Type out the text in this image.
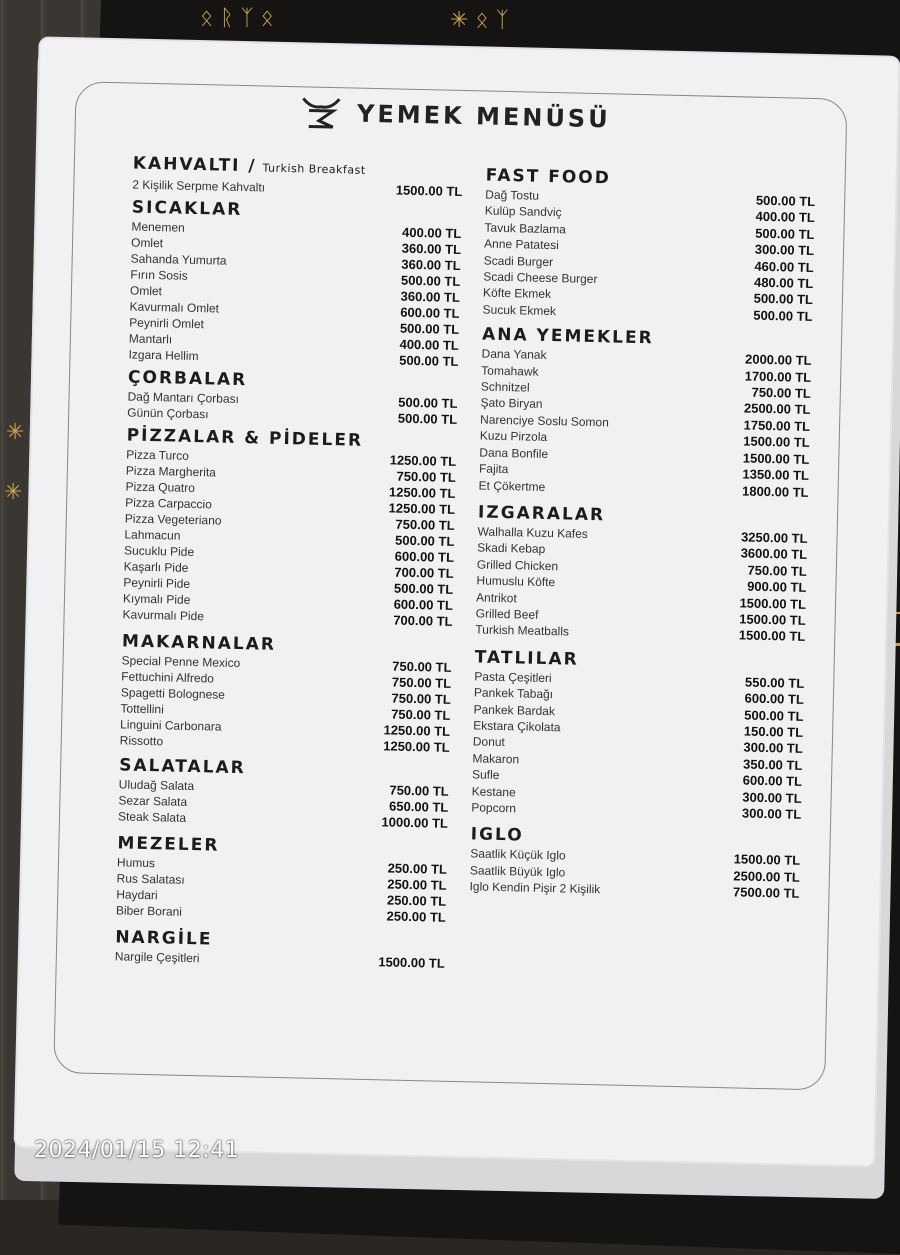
ᛟ ᚱ ᛉ ᛟ	✳ ᛟ ᛉ
✳
✳
YEMEK MENÜSÜ
KAHVALTI / Turkish Breakfast
2 Kişilik Serpme Kahvaltı	1500.00 TL
SICAKLAR
Menemen	400.00 TL
Omlet	360.00 TL
Sahanda Yumurta	360.00 TL
Fırın Sosis	500.00 TL
Omlet	360.00 TL
Kavurmalı Omlet	600.00 TL
Peynirli Omlet	500.00 TL
Mantarlı	400.00 TL
Izgara Hellim	500.00 TL
ÇORBALAR
Dağ Mantarı Çorbası	500.00 TL
Günün Çorbası	500.00 TL
PİZZALAR & PİDELER
Pizza Turco	1250.00 TL
Pizza Margherita	750.00 TL
Pizza Quatro	1250.00 TL
Pizza Carpaccio	1250.00 TL
Pizza Vegeteriano	750.00 TL
Lahmacun	500.00 TL
Sucuklu Pide	600.00 TL
Kaşarlı Pide	700.00 TL
Peynirli Pide	500.00 TL
Kıymalı Pide	600.00 TL
Kavurmalı Pide	700.00 TL
MAKARNALAR
Special Penne Mexico	750.00 TL
Fettuchini Alfredo	750.00 TL
Spagetti Bolognese	750.00 TL
Tottellini	750.00 TL
Linguini Carbonara	1250.00 TL
Rissotto	1250.00 TL
SALATALAR
Uludağ Salata	750.00 TL
Sezar Salata	650.00 TL
Steak Salata	1000.00 TL
MEZELER
Humus	250.00 TL
Rus Salatası	250.00 TL
Haydari	250.00 TL
Biber Borani	250.00 TL
NARGİLE
Nargile Çeşitleri	1500.00 TL
FAST FOOD
Dağ Tostu	500.00 TL
Kulüp Sandviç	400.00 TL
Tavuk Bazlama	500.00 TL
Anne Patatesi	300.00 TL
Scadi Burger	460.00 TL
Scadi Cheese Burger	480.00 TL
Köfte Ekmek	500.00 TL
Sucuk Ekmek	500.00 TL
ANA YEMEKLER
Dana Yanak	2000.00 TL
Tomahawk	1700.00 TL
Schnitzel	750.00 TL
Şato Biryan	2500.00 TL
Narenciye Soslu Somon	1750.00 TL
Kuzu Pirzola	1500.00 TL
Dana Bonfile	1500.00 TL
Fajita	1350.00 TL
Et Çökertme	1800.00 TL
IZGARALAR
Walhalla Kuzu Kafes	3250.00 TL
Skadi Kebap	3600.00 TL
Grilled Chicken	750.00 TL
Humuslu Köfte	900.00 TL
Antrikot	1500.00 TL
Grilled Beef	1500.00 TL
Turkish Meatballs	1500.00 TL
TATLILAR
Pasta Çeşitleri	550.00 TL
Pankek Tabağı	600.00 TL
Pankek Bardak	500.00 TL
Ekstara Çikolata	150.00 TL
Donut	300.00 TL
Makaron	350.00 TL
Sufle	600.00 TL
Kestane	300.00 TL
Popcorn	300.00 TL
IGLO
Saatlik Küçük Iglo	1500.00 TL
Saatlik Büyük Iglo	2500.00 TL
Iglo Kendin Pişir 2 Kişilik	7500.00 TL
2024/01/15 12:41
